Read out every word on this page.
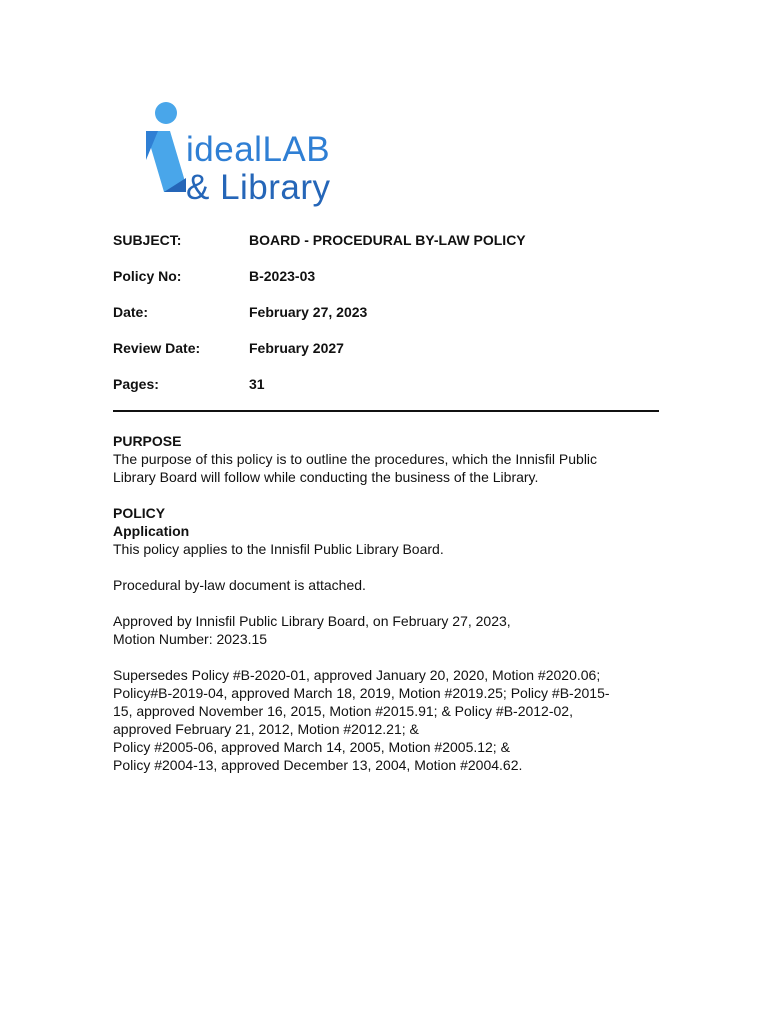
idealLAB
& Library
SUBJECT:	BOARD - PROCEDURAL BY-LAW POLICY
Policy No:	B-2023-03
Date:	February 27, 2023
Review Date:	February 2027
Pages:	31
PURPOSE
The purpose of this policy is to outline the procedures, which the Innisfil Public
Library Board will follow while conducting the business of the Library.
POLICY
Application
This policy applies to the Innisfil Public Library Board.
Procedural by-law document is attached.
Approved by Innisfil Public Library Board, on February 27, 2023,
Motion Number: 2023.15
Supersedes Policy #B-2020-01, approved January 20, 2020, Motion #2020.06;
Policy#B-2019-04, approved March 18, 2019, Motion #2019.25; Policy #B-2015-
15, approved November 16, 2015, Motion #2015.91; & Policy #B-2012-02,
approved February 21, 2012, Motion #2012.21; &
Policy #2005-06, approved March 14, 2005, Motion #2005.12; &
Policy #2004-13, approved December 13, 2004, Motion #2004.62.
